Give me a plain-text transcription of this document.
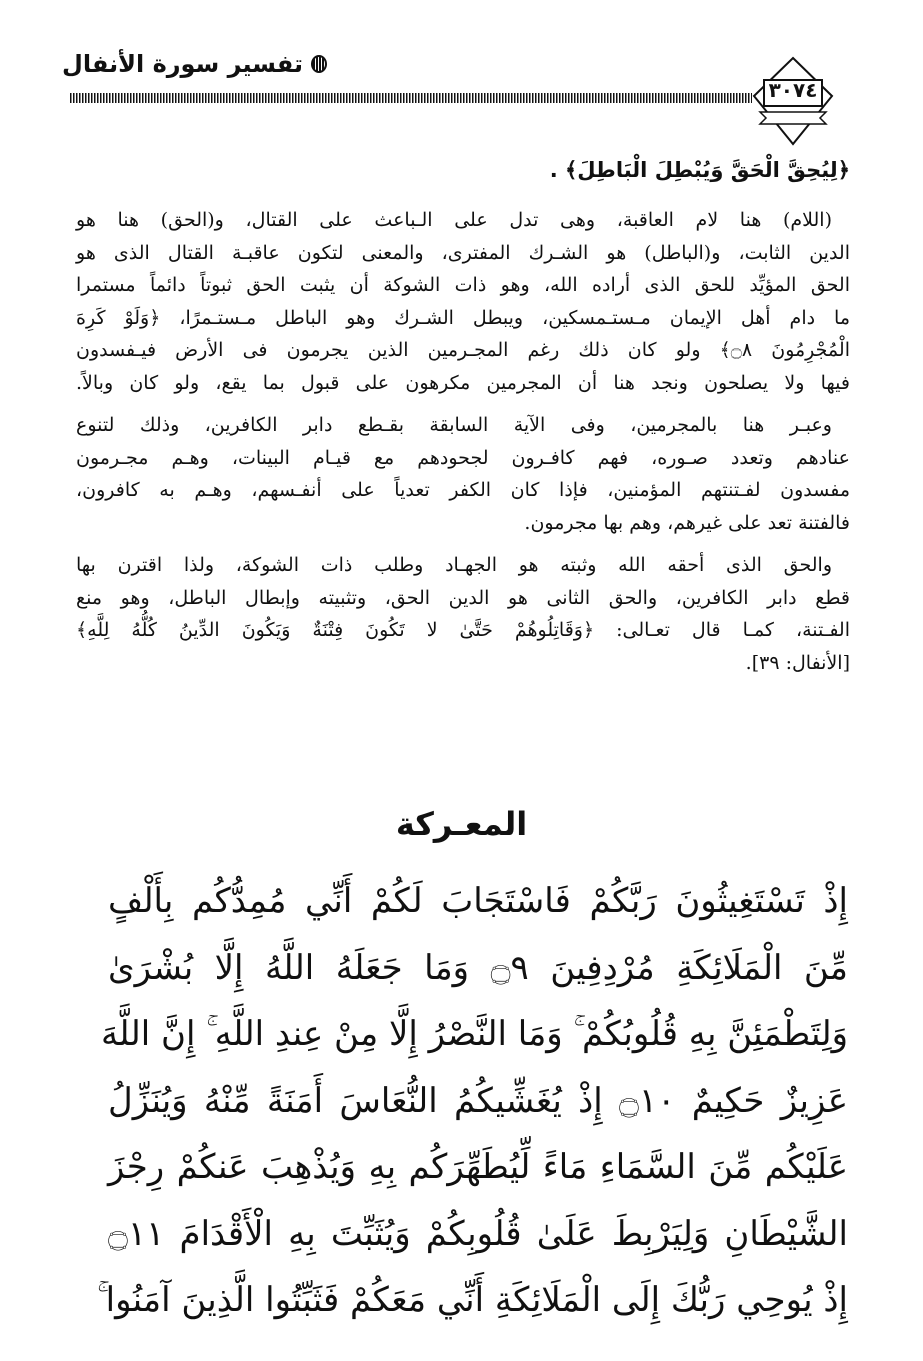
تفسير سورة الأنفال
٣٠٧٤
﴿لِيُحِقَّ الْحَقَّ وَيُبْطِلَ الْبَاطِلَ﴾ .
(اللام) هنا لام العاقبة، وهى تدل على الـباعث على القتال، و(الحق) هنا هو
الدين الثابت، و(الباطل) هو الشـرك المفترى، والمعنى لتكون عاقبـة القتال الذى هو
الحق المؤيِّد للحق الذى أراده الله، وهو ذات الشوكة أن يثبت الحق ثبوتاً دائماً مستمرا
ما دام أهل الإيمان مـستـمسكين، ويبطل الشـرك وهو الباطل مـستـمرًا، ﴿وَلَوْ كَرِهَ
الْمُجْرِمُونَ ۝٨﴾ ولو كان ذلك رغم المجـرمين الذين يجرمون فى الأرض فيـفسدون
فيها ولا يصلحون ونجد هنا أن المجرمين مكرهون على قبول بما يقع، ولو كان وبالاً.
وعبـر هنا بالمجرمين، وفى الآية السابقة بقـطع دابر الكافرين، وذلك لتنوع
عنادهم وتعدد صـوره، فهم كافـرون لجحودهم مع قيـام البينات، وهـم مجـرمون
مفسدون لفـتنتهم المؤمنين، فإذا كان الكفر تعدياً على أنفـسهم، وهـم به كافرون،
فالفتنة تعد على غيرهم، وهم بها مجرمون.
والحق الذى أحقه الله وثبته هو الجهـاد وطلب ذات الشوكة، ولذا اقترن بها
قطع دابر الكافرين، والحق الثانى هو الدين الحق، وتثبيته وإبطال الباطل، وهو منع
الفـتنة، كمـا قال تعـالى: ﴿وَقَاتِلُوهُمْ حَتَّىٰ لا تَكُونَ فِتْنَةٌ وَيَكُونَ الدِّينُ كُلُّهُ لِلَّهِ﴾
[الأنفال: ٣٩].
المعـركة
إِذْ تَسْتَغِيثُونَ رَبَّكُمْ فَاسْتَجَابَ لَكُمْ أَنِّي مُمِدُّكُم بِأَلْفٍ
مِّنَ الْمَلَائِكَةِ مُرْدِفِينَ ۝٩ وَمَا جَعَلَهُ اللَّهُ إِلَّا بُشْرَىٰ
وَلِتَطْمَئِنَّ بِهِ قُلُوبُكُمْ ۚ وَمَا النَّصْرُ إِلَّا مِنْ عِندِ اللَّهِ ۚ إِنَّ اللَّهَ
عَزِيزٌ حَكِيمٌ ۝١٠ إِذْ يُغَشِّيكُمُ النُّعَاسَ أَمَنَةً مِّنْهُ وَيُنَزِّلُ
عَلَيْكُم مِّنَ السَّمَاءِ مَاءً لِّيُطَهِّرَكُم بِهِ وَيُذْهِبَ عَنكُمْ رِجْزَ
الشَّيْطَانِ وَلِيَرْبِطَ عَلَىٰ قُلُوبِكُمْ وَيُثَبِّتَ بِهِ الْأَقْدَامَ ۝١١
إِذْ يُوحِي رَبُّكَ إِلَى الْمَلَائِكَةِ أَنِّي مَعَكُمْ فَثَبِّتُوا الَّذِينَ آمَنُوا ۚ
